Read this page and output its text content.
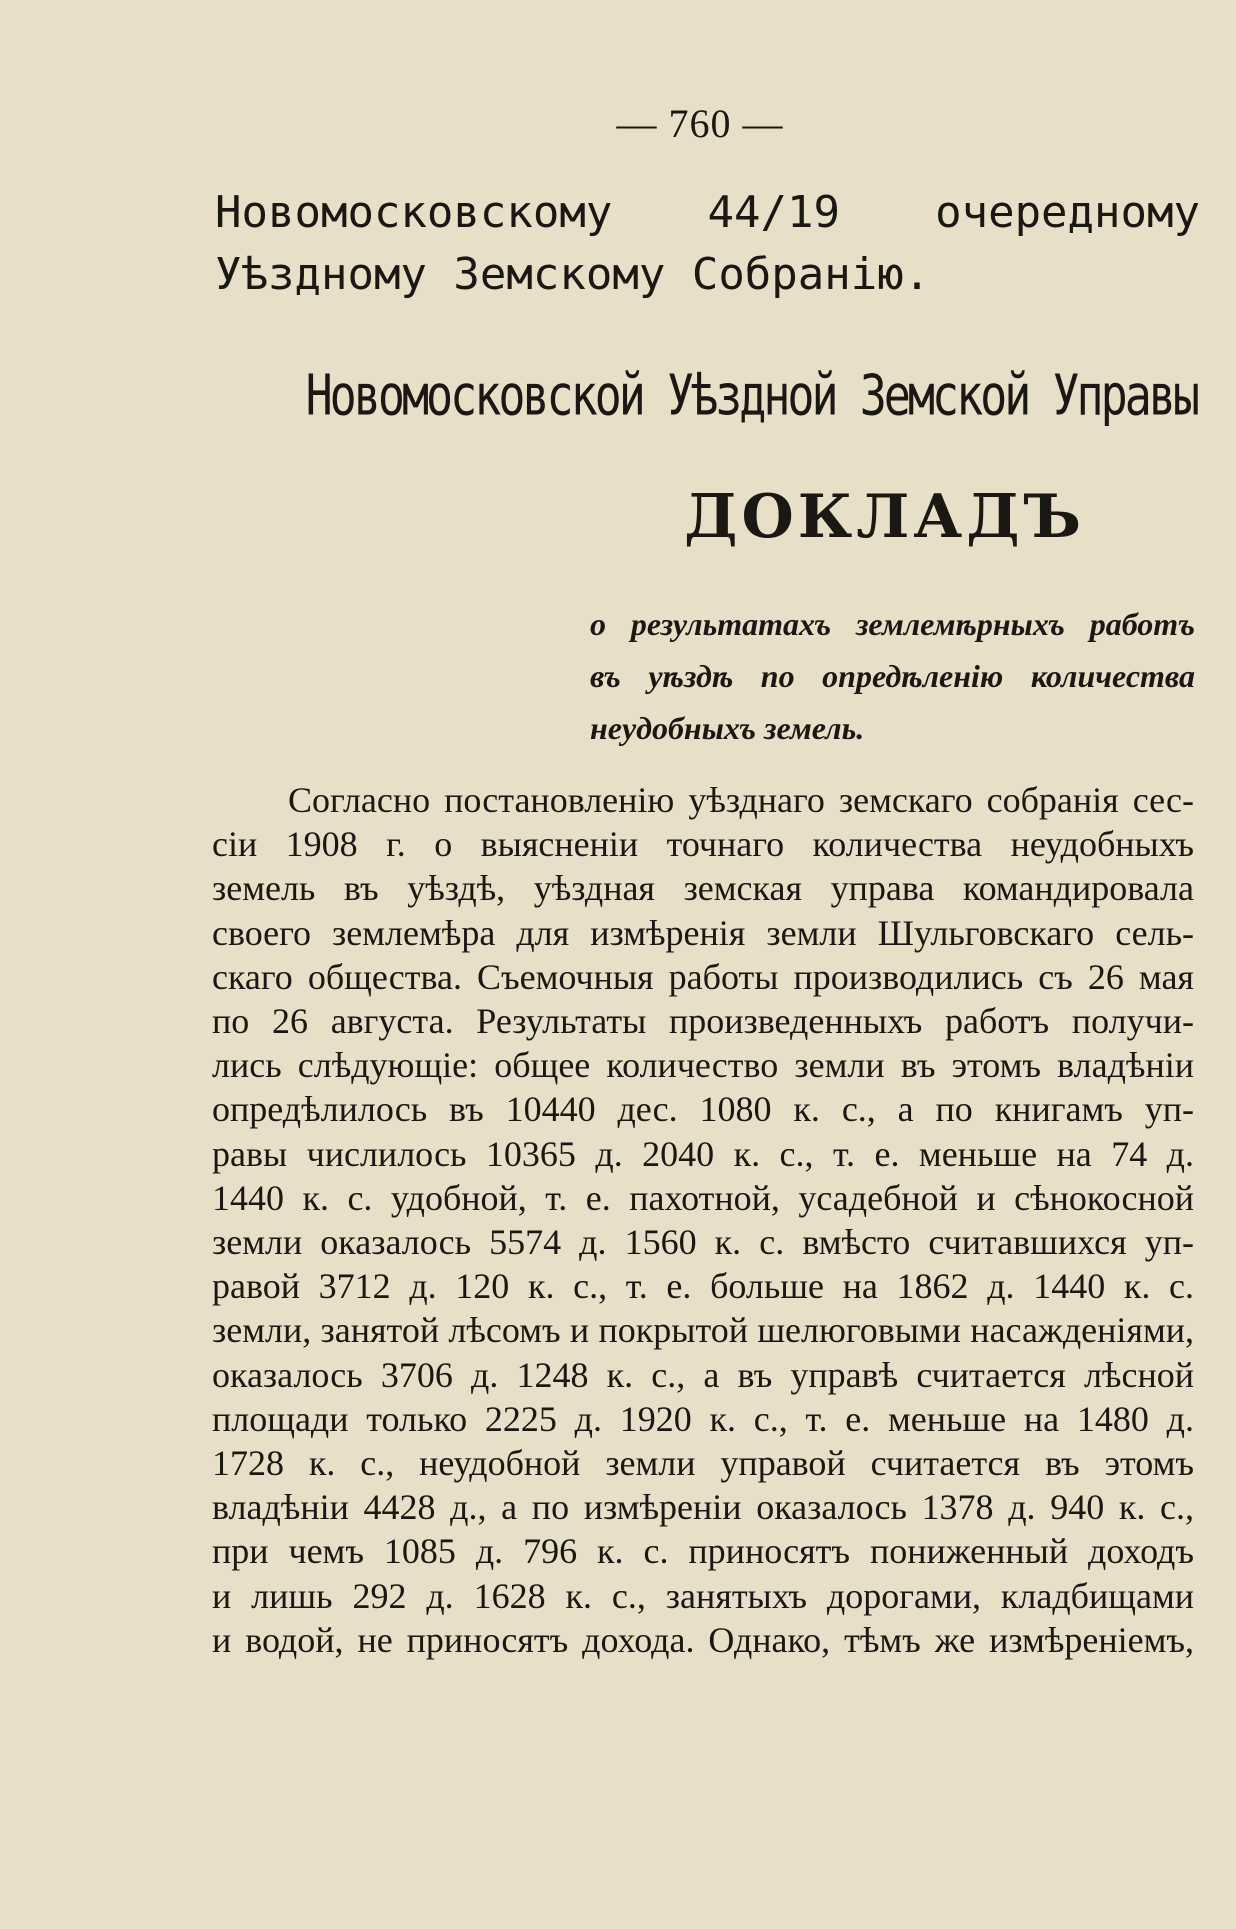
— 760 —
Новомосковскому 44/19 очередному Уѣздному Земскому Собранію.
Новомосковской Уѣздной Земской Управы
ДОКЛАДЪ
о результатахъ землемѣрныхъ работъ
въ уѣздѣ по опредѣленію количества
неудобныхъ земель.
Согласно постановленію уѣзднаго земскаго собранія сес-
сіи 1908 г. о выясненіи точнаго количества неудобныхъ
земель въ уѣздѣ, уѣздная земская управа командировала
своего землемѣра для измѣренія земли Шульговскаго сель-
скаго общества. Съемочныя работы производились съ 26 мая
по 26 августа. Результаты произведенныхъ работъ получи-
лись слѣдующіе: общее количество земли въ этомъ владѣніи
опредѣлилось въ 10440 дес. 1080 к. с., а по книгамъ уп-
равы числилось 10365 д. 2040 к. с., т. е. меньше на 74 д.
1440 к. с. удобной, т. е. пахотной, усадебной и сѣнокосной
земли оказалось 5574 д. 1560 к. с. вмѣсто считавшихся уп-
равой 3712 д. 120 к. с., т. е. больше на 1862 д. 1440 к. с.
земли, занятой лѣсомъ и покрытой шелюговыми насажденіями,
оказалось 3706 д. 1248 к. с., а въ управѣ считается лѣсной
площади только 2225 д. 1920 к. с., т. е. меньше на 1480 д.
1728 к. с., неудобной земли управой считается въ этомъ
владѣніи 4428 д., а по измѣреніи оказалось 1378 д. 940 к. с.,
при чемъ 1085 д. 796 к. с. приносятъ пониженный доходъ
и лишь 292 д. 1628 к. с., занятыхъ дорогами, кладбищами
и водой, не приносятъ дохода. Однако, тѣмъ же измѣреніемъ,
